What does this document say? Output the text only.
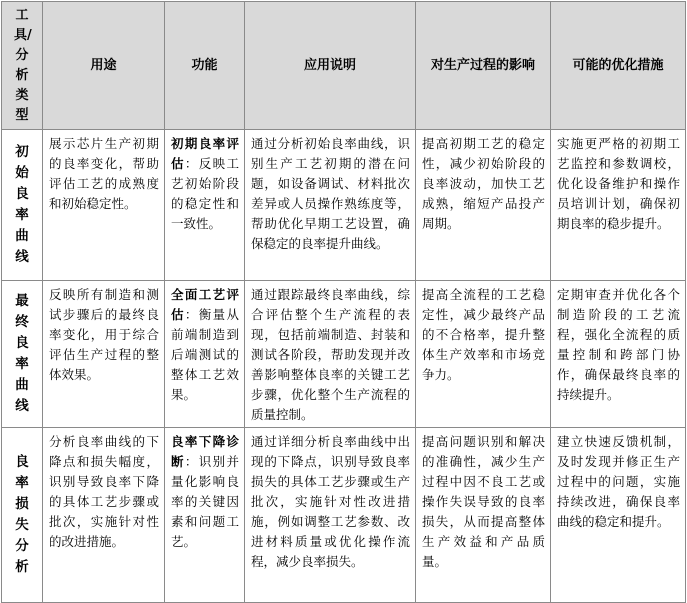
工具/分析类型	用途	功能	应用说明	对生产过程的影响	可能的优化措施
初始良率曲线	展示芯片生产初期的良率变化，帮助评估工艺的成熟度和初始稳定性。	初期良率评估：反映工艺初始阶段的稳定性和一致性。	通过分析初始良率曲线，识别生产工艺初期的潜在问题，如设备调试、材料批次差异或人员操作熟练度等，帮助优化早期工艺设置，确保稳定的良率提升曲线。	提高初期工艺的稳定性，减少初始阶段的良率波动，加快工艺成熟，缩短产品投产周期。	实施更严格的初期工艺监控和参数调校，优化设备维护和操作员培训计划，确保初期良率的稳步提升。
最终良率曲线	反映所有制造和测试步骤后的最终良率变化，用于综合评估生产过程的整体效果。	全面工艺评估：衡量从前端制造到后端测试的整体工艺效果。	通过跟踪最终良率曲线，综合评估整个生产流程的表现，包括前端制造、封装和测试各阶段，帮助发现并改善影响整体良率的关键工艺步骤，优化整个生产流程的质量控制。	提高全流程的工艺稳定性，减少最终产品的不合格率，提升整体生产效率和市场竞争力。	定期审查并优化各个制造阶段的工艺流程，强化全流程的质量控制和跨部门协作，确保最终良率的持续提升。
良率损失分析	分析良率曲线的下降点和损失幅度，识别导致良率下降的具体工艺步骤或批次，实施针对性的改进措施。	良率下降诊断：识别并量化影响良率的关键因素和问题工艺。	通过详细分析良率曲线中出现的下降点，识别导致良率损失的具体工艺步骤或生产批次，实施针对性改进措施，例如调整工艺参数、改进材料质量或优化操作流程，减少良率损失。	提高问题识别和解决的准确性，减少生产过程中因不良工艺或操作失误导致的良率损失，从而提高整体生产效益和产品质量。	建立快速反馈机制，及时发现并修正生产过程中的问题，实施持续改进，确保良率曲线的稳定和提升。
